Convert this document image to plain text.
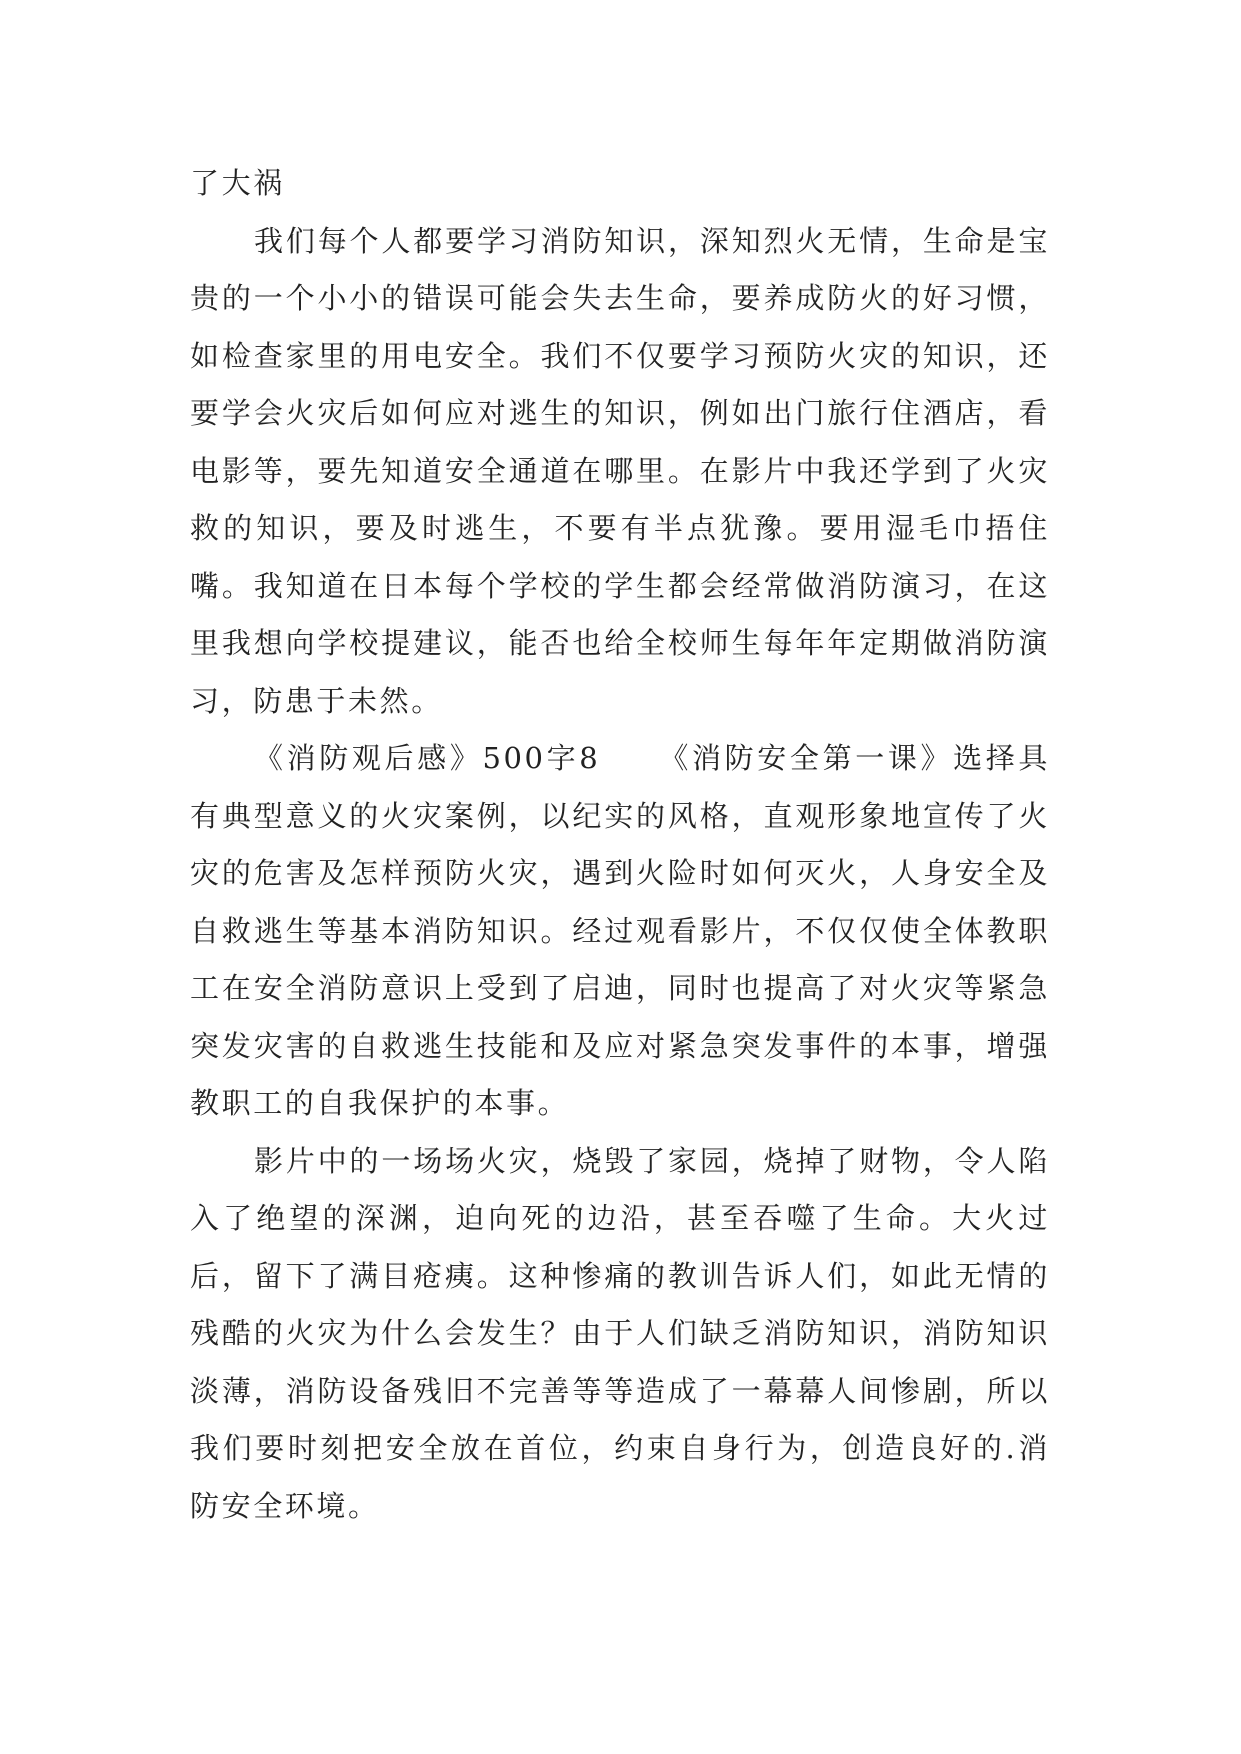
了大祸

我们每个人都要学习消防知识，深知烈火无情，生命是宝贵的一个小小的错误可能会失去生命，要养成防火的好习惯，如检查家里的用电安全。我们不仅要学习预防火灾的知识，还要学会火灾后如何应对逃生的知识，例如出门旅行住酒店，看电影等，要先知道安全通道在哪里。在影片中我还学到了火灾救的知识，要及时逃生，不要有半点犹豫。要用湿毛巾捂住嘴。我知道在日本每个学校的学生都会经常做消防演习，在这里我想向学校提建议，能否也给全校师生每年年定期做消防演习，防患于未然。

《消防观后感》500字8 《消防安全第一课》选择具有典型意义的火灾案例，以纪实的风格，直观形象地宣传了火灾的危害及怎样预防火灾，遇到火险时如何灭火，人身安全及自救逃生等基本消防知识。经过观看影片，不仅仅使全体教职工在安全消防意识上受到了启迪，同时也提高了对火灾等紧急突发灾害的自救逃生技能和及应对紧急突发事件的本事，增强教职工的自我保护的本事。

影片中的一场场火灾，烧毁了家园，烧掉了财物，令人陷入了绝望的深渊，迫向死的边沿，甚至吞噬了生命。大火过后，留下了满目疮痍。这种惨痛的教训告诉人们，如此无情的残酷的火灾为什么会发生？由于人们缺乏消防知识，消防知识淡薄，消防设备残旧不完善等等造成了一幕幕人间惨剧，所以我们要时刻把安全放在首位，约束自身行为，创造良好的.消防安全环境。
